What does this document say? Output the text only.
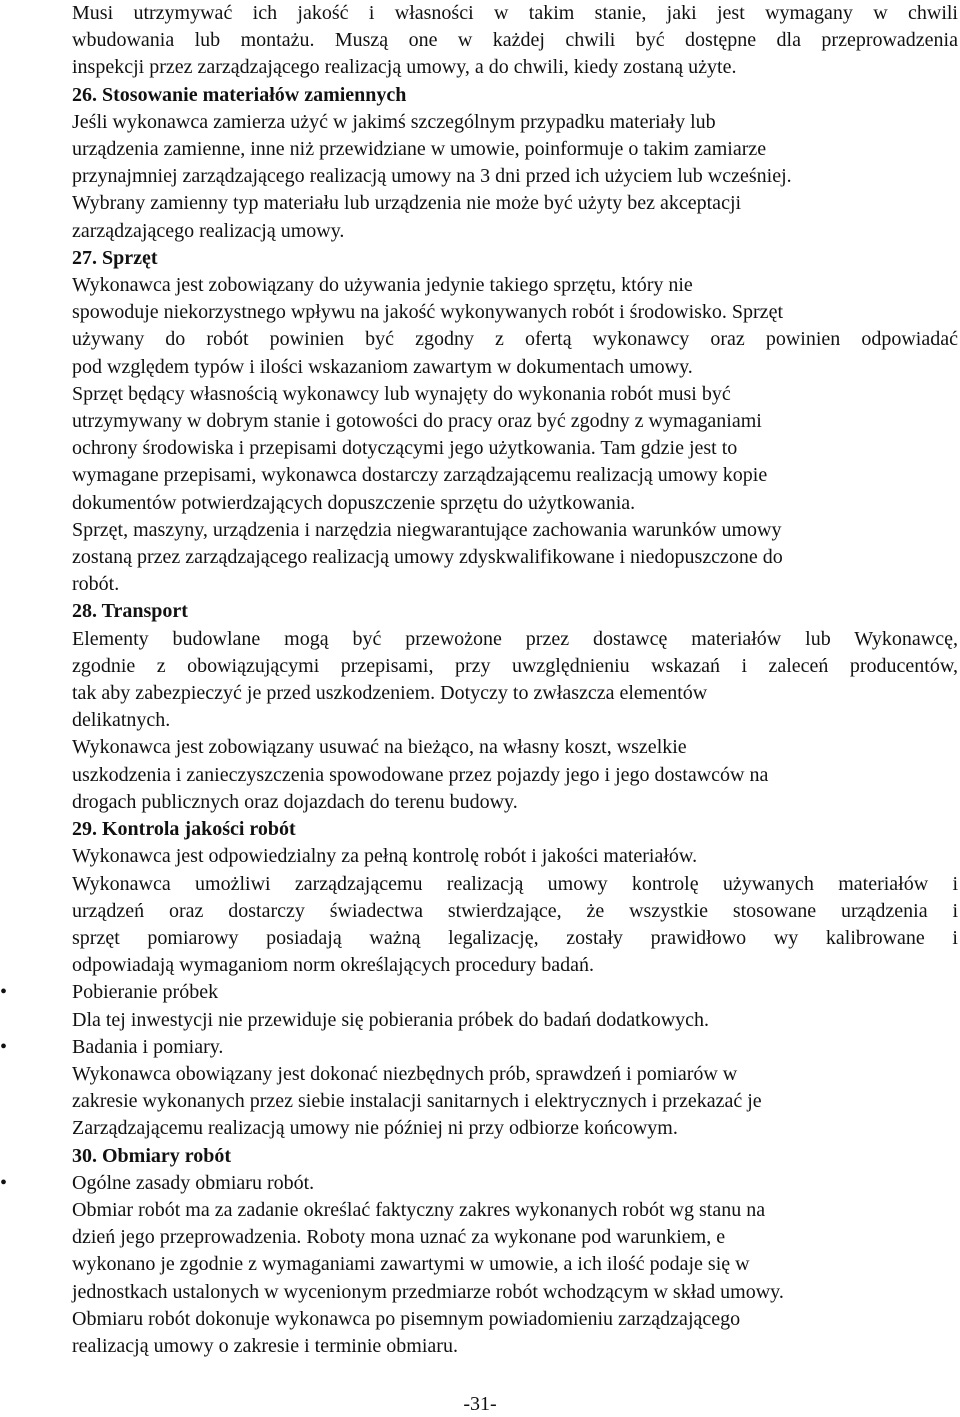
Musi utrzymywać ich jakość i własności w takim stanie, jaki jest wymagany w chwili

wbudowania lub montażu. Muszą one w każdej chwili być dostępne dla przeprowadzenia

inspekcji przez zarządzającego realizacją umowy, a do chwili, kiedy zostaną użyte.

26. Stosowanie materiałów zamiennych

Jeśli wykonawca zamierza użyć w jakimś szczególnym przypadku materiały lub

urządzenia zamienne, inne niż przewidziane w umowie, poinformuje o takim zamiarze

przynajmniej zarządzającego realizacją umowy na 3 dni przed ich użyciem lub wcześniej.

Wybrany zamienny typ materiału lub urządzenia nie może być użyty bez akceptacji

zarządzającego realizacją umowy.

27. Sprzęt

Wykonawca jest zobowiązany do używania jedynie takiego sprzętu, który nie

spowoduje niekorzystnego wpływu na jakość wykonywanych robót i środowisko. Sprzęt

używany do robót powinien być zgodny z ofertą wykonawcy oraz powinien odpowiadać

pod względem typów i ilości wskazaniom zawartym w dokumentach umowy.

Sprzęt będący własnością wykonawcy lub wynajęty do wykonania robót musi być

utrzymywany w dobrym stanie i gotowości do pracy oraz być zgodny z wymaganiami

ochrony środowiska i przepisami dotyczącymi jego użytkowania. Tam gdzie jest to

wymagane przepisami, wykonawca dostarczy zarządzającemu realizacją umowy kopie

dokumentów potwierdzających dopuszczenie sprzętu do użytkowania.

Sprzęt, maszyny, urządzenia i narzędzia niegwarantujące zachowania warunków umowy

zostaną przez zarządzającego realizacją umowy zdyskwalifikowane i niedopuszczone do

robót.

28. Transport

Elementy budowlane mogą być przewożone przez dostawcę materiałów lub Wykonawcę,

zgodnie z obowiązującymi przepisami, przy uwzględnieniu wskazań i zaleceń producentów,

tak aby zabezpieczyć je przed uszkodzeniem. Dotyczy to zwłaszcza elementów

delikatnych.

Wykonawca jest zobowiązany usuwać na bieżąco, na własny koszt, wszelkie

uszkodzenia i zanieczyszczenia spowodowane przez pojazdy jego i jego dostawców na

drogach publicznych oraz dojazdach do terenu budowy.

29. Kontrola jakości robót

Wykonawca jest odpowiedzialny za pełną kontrolę robót i jakości materiałów.

Wykonawca umożliwi zarządzającemu realizacją umowy kontrolę używanych materiałów i

urządzeń oraz dostarczy świadectwa stwierdzające, że wszystkie stosowane urządzenia i

sprzęt pomiarowy posiadają ważną legalizację, zostały prawidłowo wy kalibrowane i

odpowiadają wymaganiom norm określających procedury badań.

•	Pobieranie próbek

Dla tej inwestycji nie przewiduje się pobierania próbek do badań dodatkowych.

•	Badania i pomiary.

Wykonawca obowiązany jest dokonać niezbędnych prób, sprawdzeń i pomiarów w

zakresie wykonanych przez siebie instalacji sanitarnych i elektrycznych i przekazać je

Zarządzającemu realizacją umowy nie później ni przy odbiorze końcowym.

30. Obmiary robót

•	Ogólne zasady obmiaru robót.

Obmiar robót ma za zadanie określać faktyczny zakres wykonanych robót wg stanu na

dzień jego przeprowadzenia. Roboty mona uznać za wykonane pod warunkiem, e

wykonano je zgodnie z wymaganiami zawartymi w umowie, a ich ilość podaje się w

jednostkach ustalonych w wycenionym przedmiarze robót wchodzącym w skład umowy.

Obmiaru robót dokonuje wykonawca po pisemnym powiadomieniu zarządzającego

realizacją umowy o zakresie i terminie obmiaru.

-31-
